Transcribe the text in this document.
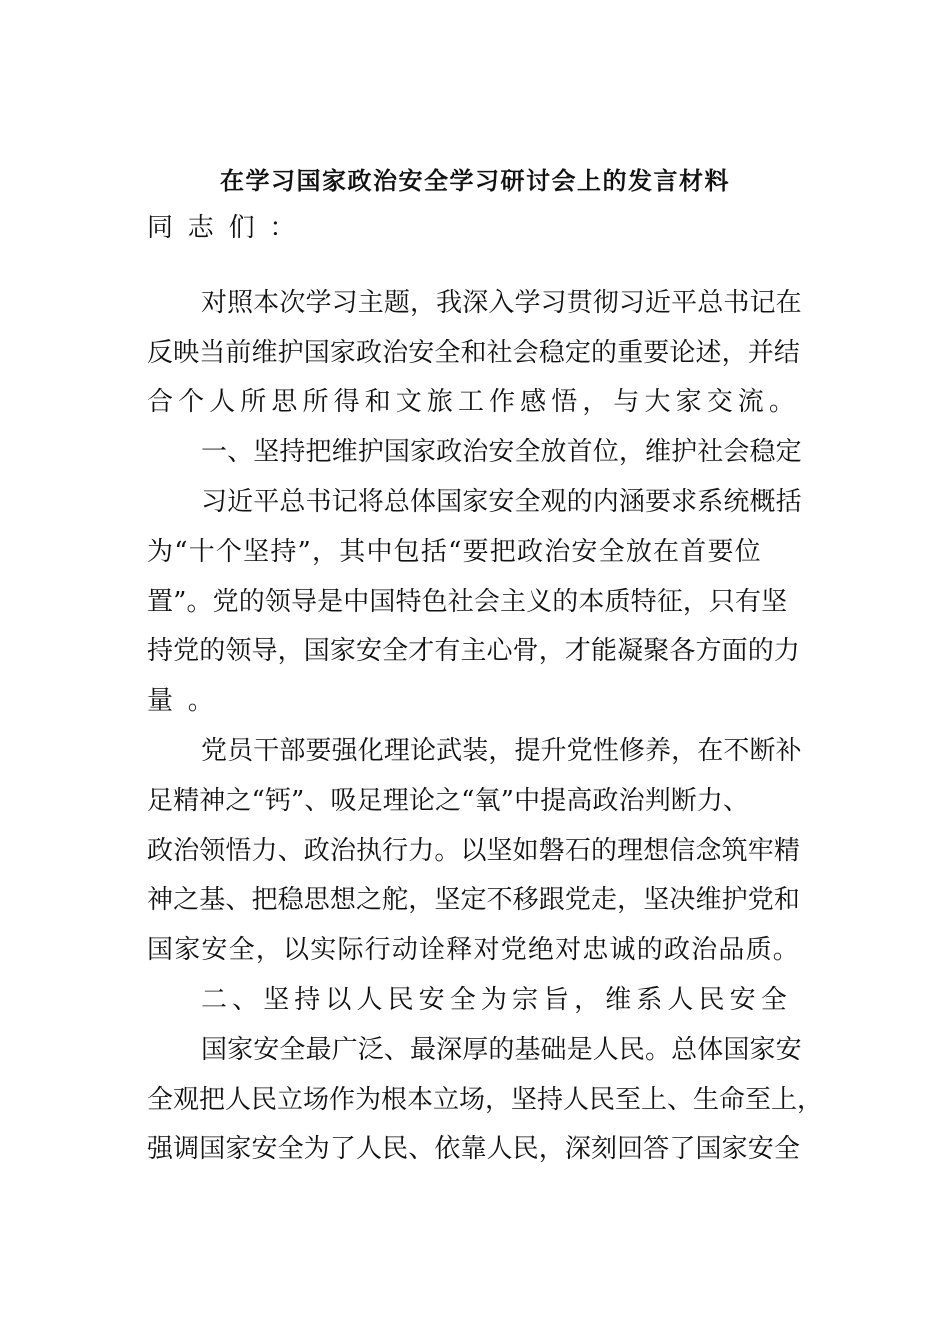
在学习国家政治安全学习研讨会上的发言材料
同志们：
对照本次学习主题，我深入学习贯彻习近平总书记在
反映当前维护国家政治安全和社会稳定的重要论述，并结
合个人所思所得和文旅工作感悟，与大家交流。
一、坚持把维护国家政治安全放首位，维护社会稳定
习近平总书记将总体国家安全观的内涵要求系统概括
为“十个坚持”，其中包括“要把政治安全放在首要位
置”。党的领导是中国特色社会主义的本质特征，只有坚
持党的领导，国家安全才有主心骨，才能凝聚各方面的力
量。
党员干部要强化理论武装，提升党性修养，在不断补
足精神之“钙”、吸足理论之“氧”中提高政治判断力、
政治领悟力、政治执行力。以坚如磐石的理想信念筑牢精
神之基、把稳思想之舵，坚定不移跟党走，坚决维护党和
国家安全，以实际行动诠释对党绝对忠诚的政治品质。
二、坚持以人民安全为宗旨，维系人民安全
国家安全最广泛、最深厚的基础是人民。总体国家安
全观把人民立场作为根本立场，坚持人民至上、生命至上，
强调国家安全为了人民、依靠人民，深刻回答了国家安全
